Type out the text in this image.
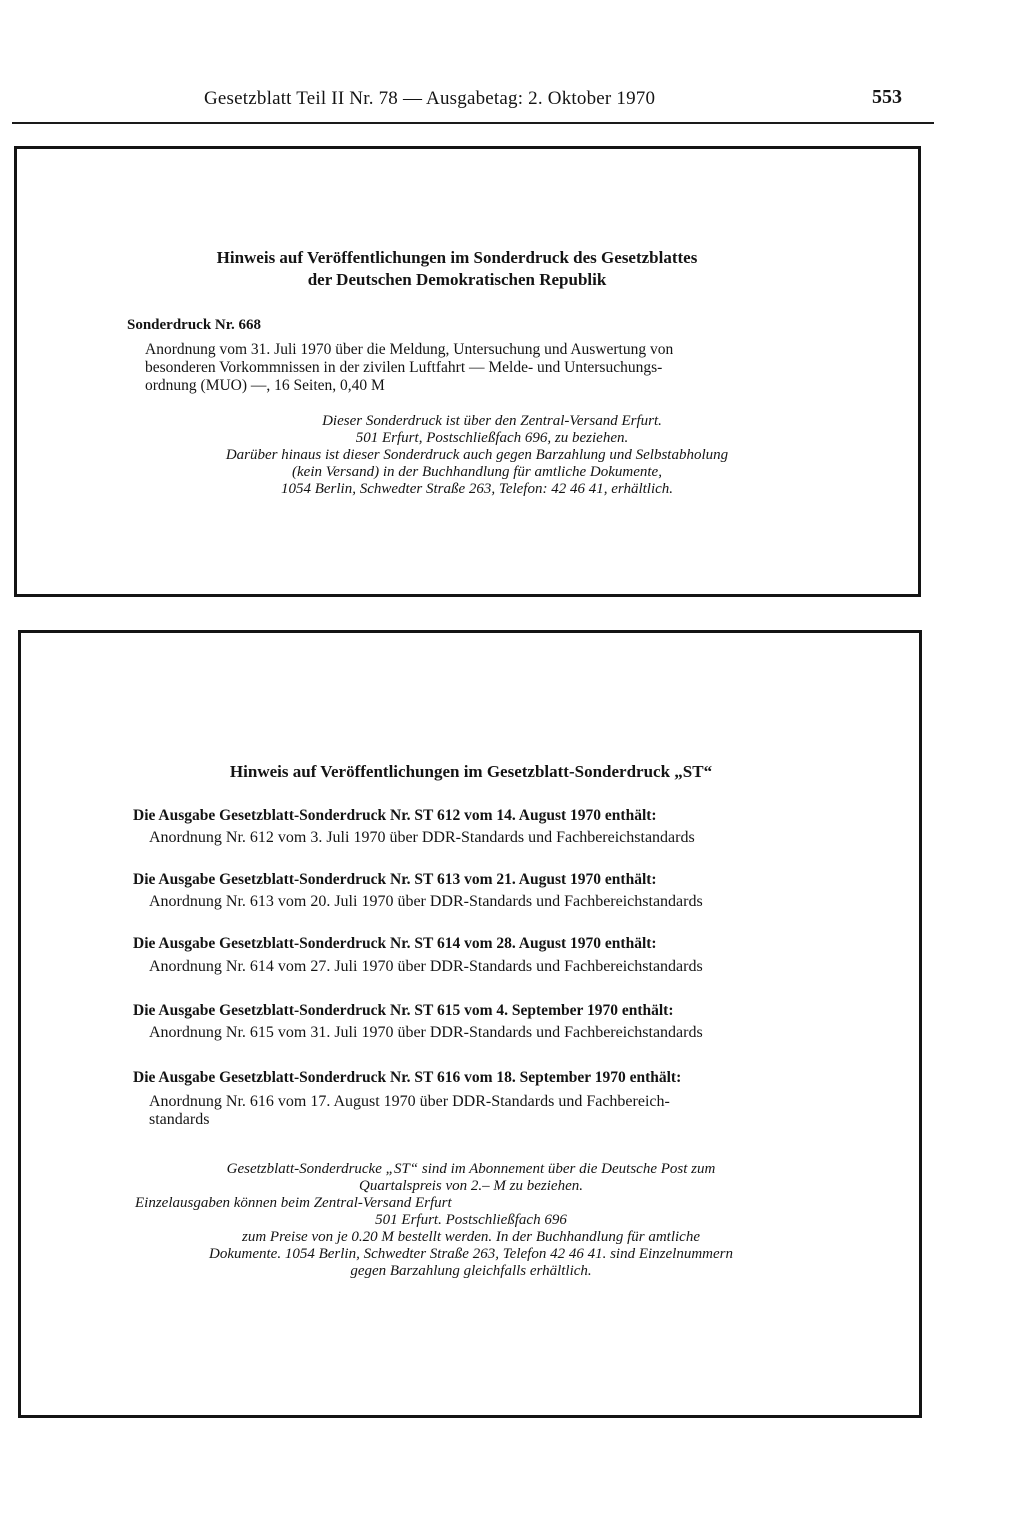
Gesetzblatt Teil II Nr. 78 — Ausgabetag: 2. Oktober 1970	553
Hinweis auf Veröffentlichungen im Sonderdruck des Gesetzblattes
der Deutschen Demokratischen Republik
Sonderdruck Nr. 668
Anordnung vom 31. Juli 1970 über die Meldung, Untersuchung und Auswertung von
besonderen Vorkommnissen in der zivilen Luftfahrt — Melde- und Untersuchungs-
ordnung (MUO) —, 16 Seiten, 0,40 M
Dieser Sonderdruck ist über den Zentral-Versand Erfurt.
501 Erfurt, Postschließfach 696, zu beziehen.
Darüber hinaus ist dieser Sonderdruck auch gegen Barzahlung und Selbstabholung
(kein Versand) in der Buchhandlung für amtliche Dokumente,
1054 Berlin, Schwedter Straße 263, Telefon: 42 46 41, erhältlich.
Hinweis auf Veröffentlichungen im Gesetzblatt-Sonderdruck „ST“
Die Ausgabe Gesetzblatt-Sonderdruck Nr. ST 612 vom 14. August 1970 enthält:
Anordnung Nr. 612 vom 3. Juli 1970 über DDR-Standards und Fachbereichstandards
Die Ausgabe Gesetzblatt-Sonderdruck Nr. ST 613 vom 21. August 1970 enthält:
Anordnung Nr. 613 vom 20. Juli 1970 über DDR-Standards und Fachbereichstandards
Die Ausgabe Gesetzblatt-Sonderdruck Nr. ST 614 vom 28. August 1970 enthält:
Anordnung Nr. 614 vom 27. Juli 1970 über DDR-Standards und Fachbereichstandards
Die Ausgabe Gesetzblatt-Sonderdruck Nr. ST 615 vom 4. September 1970 enthält:
Anordnung Nr. 615 vom 31. Juli 1970 über DDR-Standards und Fachbereichstandards
Die Ausgabe Gesetzblatt-Sonderdruck Nr. ST 616 vom 18. September 1970 enthält:
Anordnung Nr. 616 vom 17. August 1970 über DDR-Standards und Fachbereich-
standards
Gesetzblatt-Sonderdrucke „ST“ sind im Abonnement über die Deutsche Post zum
Quartalspreis von 2.– M zu beziehen.
Einzelausgaben können beim Zentral-Versand Erfurt
501 Erfurt. Postschließfach 696
zum Preise von je 0.20 M bestellt werden. In der Buchhandlung für amtliche
Dokumente. 1054 Berlin, Schwedter Straße 263, Telefon 42 46 41. sind Einzelnummern
gegen Barzahlung gleichfalls erhältlich.
